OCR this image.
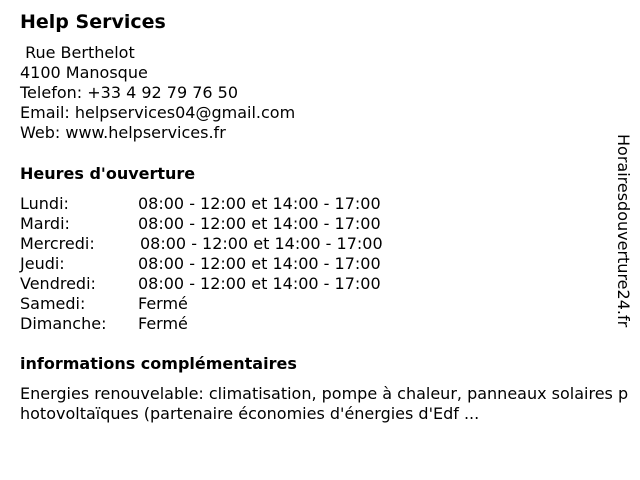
Help Services
Rue Berthelot
4100 Manosque
Telefon: +33 4 92 79 76 50
Email: helpservices04@gmail.com
Web: www.helpservices.fr
Heures d'ouverture
Lundi:	08:00 - 12:00 et 14:00 - 17:00
Mardi:	08:00 - 12:00 et 14:00 - 17:00
Mercredi:	08:00 - 12:00 et 14:00 - 17:00
Jeudi:	08:00 - 12:00 et 14:00 - 17:00
Vendredi:	08:00 - 12:00 et 14:00 - 17:00
Samedi:	Fermé
Dimanche:	Fermé
informations complémentaires
Energies renouvelable: climatisation, pompe à chaleur, panneaux solaires photovoltaïques (partenaire économies d'énergies d'Edf ...
Horairesdouverture24.fr
